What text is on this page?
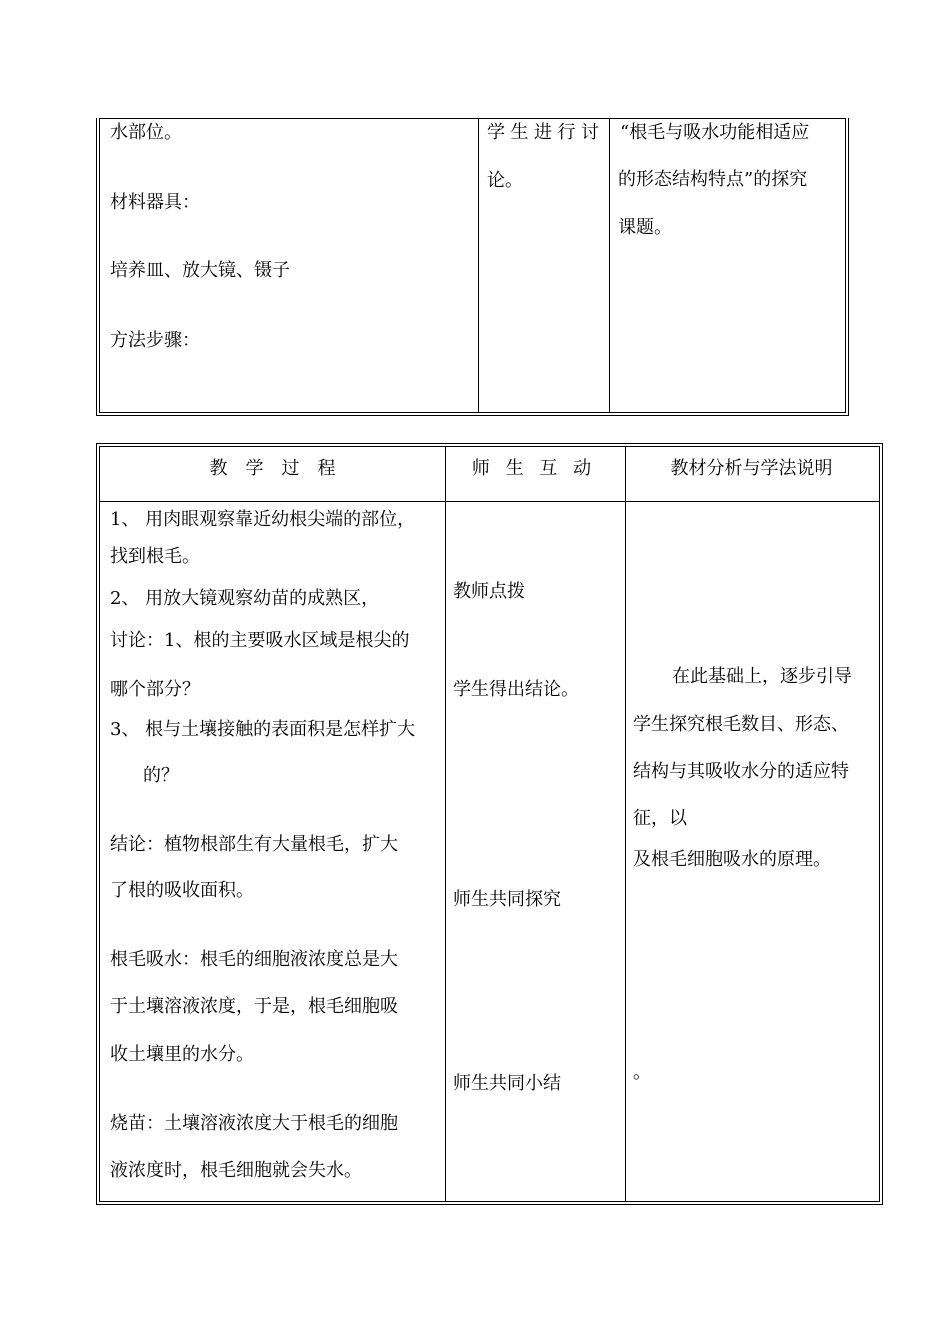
水部位。
材料器具：
培养皿、放大镜、镊子
方法步骤：
学生进行讨
论。
“根毛与吸水功能相适应
的形态结构特点”的探究
课题。
教　学　过　程	师 生 互 动	教材分析与学法说明
1、 用肉眼观察靠近幼根尖端的部位，
找到根毛。
2、 用放大镜观察幼苗的成熟区，
讨论：1、根的主要吸水区域是根尖的
哪个部分？
3、 根与土壤接触的表面积是怎样扩大
的？
结论：植物根部生有大量根毛，扩大
了根的吸收面积。
根毛吸水：根毛的细胞液浓度总是大
于土壤溶液浓度，于是，根毛细胞吸
收土壤里的水分。
烧苗：土壤溶液浓度大于根毛的细胞
液浓度时，根毛细胞就会失水。
教师点拨
学生得出结论。
师生共同探究
师生共同小结
在此基础上，逐步引导
学生探究根毛数目、形态、
结构与其吸收水分的适应特
征，以
及根毛细胞吸水的原理。
。
